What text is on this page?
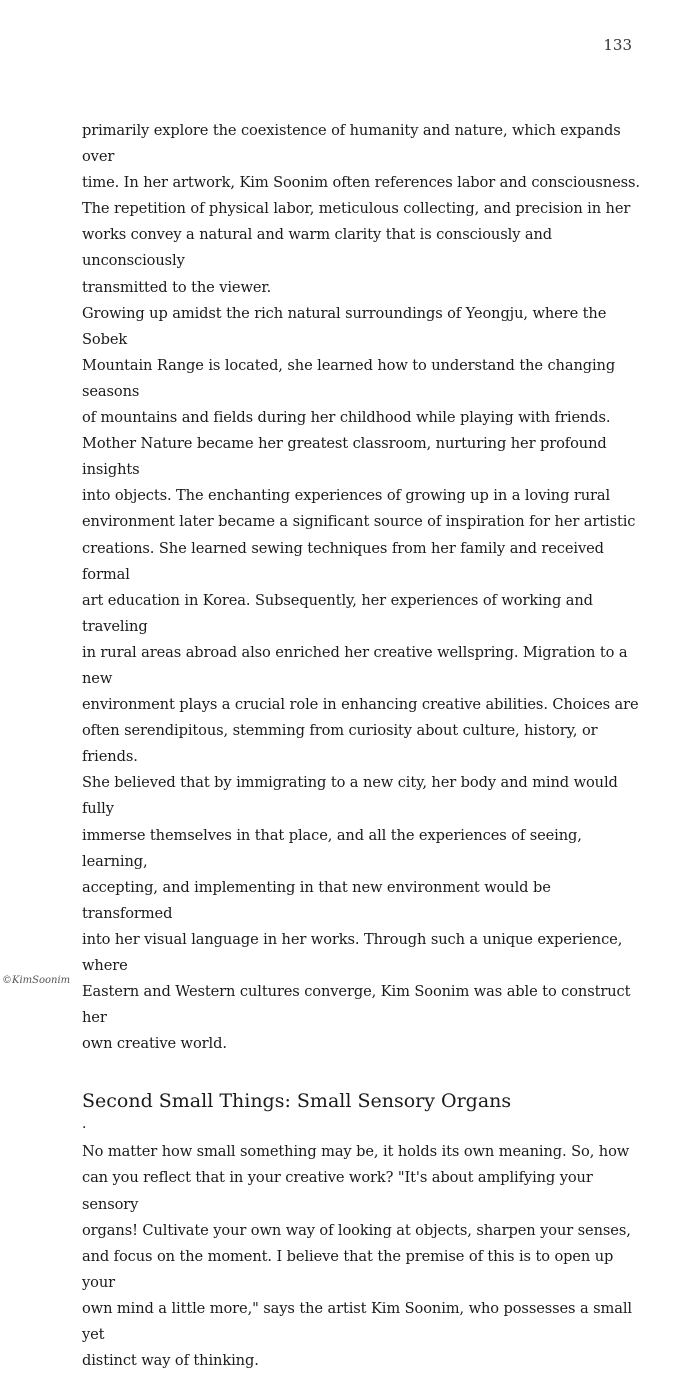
133

primarily explore the coexistence of humanity and nature, which expands over
time. In her artwork, Kim Soonim often references labor and consciousness.
The repetition of physical labor, meticulous collecting, and precision in her
works convey a natural and warm clarity that is consciously and unconsciously
transmitted to the viewer.

Growing up amidst the rich natural surroundings of Yeongju, where the Sobek
Mountain Range is located, she learned how to understand the changing seasons
of mountains and fields during her childhood while playing with friends.
Mother Nature became her greatest classroom, nurturing her profound insights
into objects. The enchanting experiences of growing up in a loving rural
environment later became a significant source of inspiration for her artistic
creations. She learned sewing techniques from her family and received formal
art education in Korea. Subsequently, her experiences of working and traveling
in rural areas abroad also enriched her creative wellspring. Migration to a new
environment plays a crucial role in enhancing creative abilities. Choices are
often serendipitous, stemming from curiosity about culture, history, or friends.
She believed that by immigrating to a new city, her body and mind would fully
immerse themselves in that place, and all the experiences of seeing, learning,
accepting, and implementing in that new environment would be transformed
into her visual language in her works. Through such a unique experience, where
Eastern and Western cultures converge, Kim Soonim was able to construct her
own creative world.

Second Small Things: Small Sensory Organs
·

No matter how small something may be, it holds its own meaning. So, how
can you reflect that in your creative work? "It's about amplifying your sensory
organs! Cultivate your own way of looking at objects, sharpen your senses,
and focus on the moment. I believe that the premise of this is to open up your
own mind a little more," says the artist Kim Soonim, who possesses a small yet
distinct way of thinking.

©KimSoonim
